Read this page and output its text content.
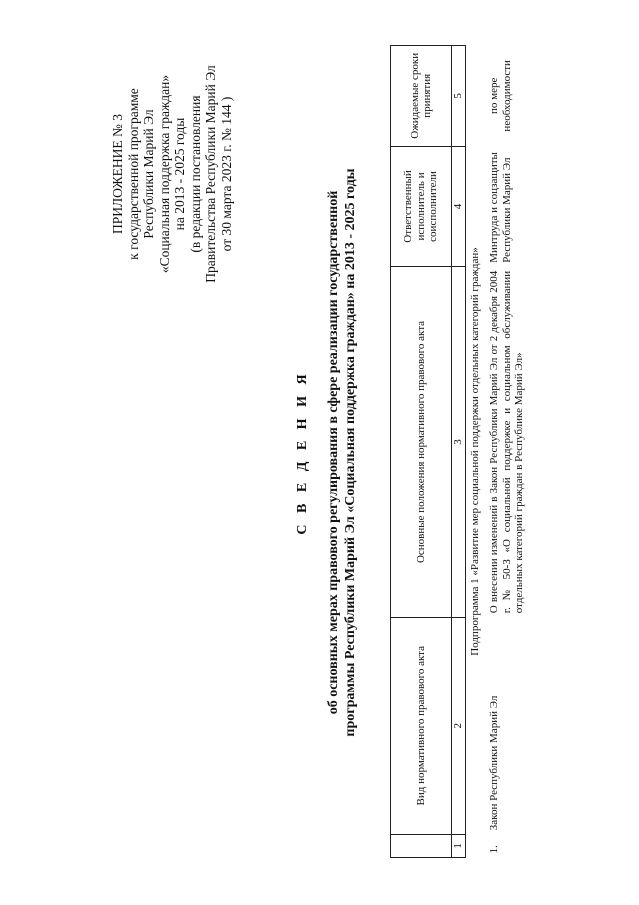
ПРИЛОЖЕНИЕ № 3 к государственной программе Республики Марий Эл «Социальная поддержка граждан» на 2013 - 2025 годы (в редакции постановления Правительства Республики Марий Эл от 30 марта 2023 г. № 144 )
С В Е Д Е Н И Я об основных мерах правового регулирования в сфере реализации государственной программы Республики Марий Эл «Социальная поддержка граждан» на 2013 - 2025 годы
		Вид нормативного правового акта	Основные положения нормативного правового акта	Ответственный исполнитель и соисполнители	Ожидаемые сроки принятия
1	2	3	4	5
Подпрограмма 1 «Развитие мер социальной поддержки отдельных категорий граждан»				
1.	Закон Республики Марий Эл	О внесении изменений в Закон Республики Марий Эл от 2 декабря 2004 г. № 50-З «О социальной поддержке и социальном обслуживании отдельных категорий граждан в Республике Марий Эл»	Минтруда и соцзащиты Республики Марий Эл	по мере необходимости
